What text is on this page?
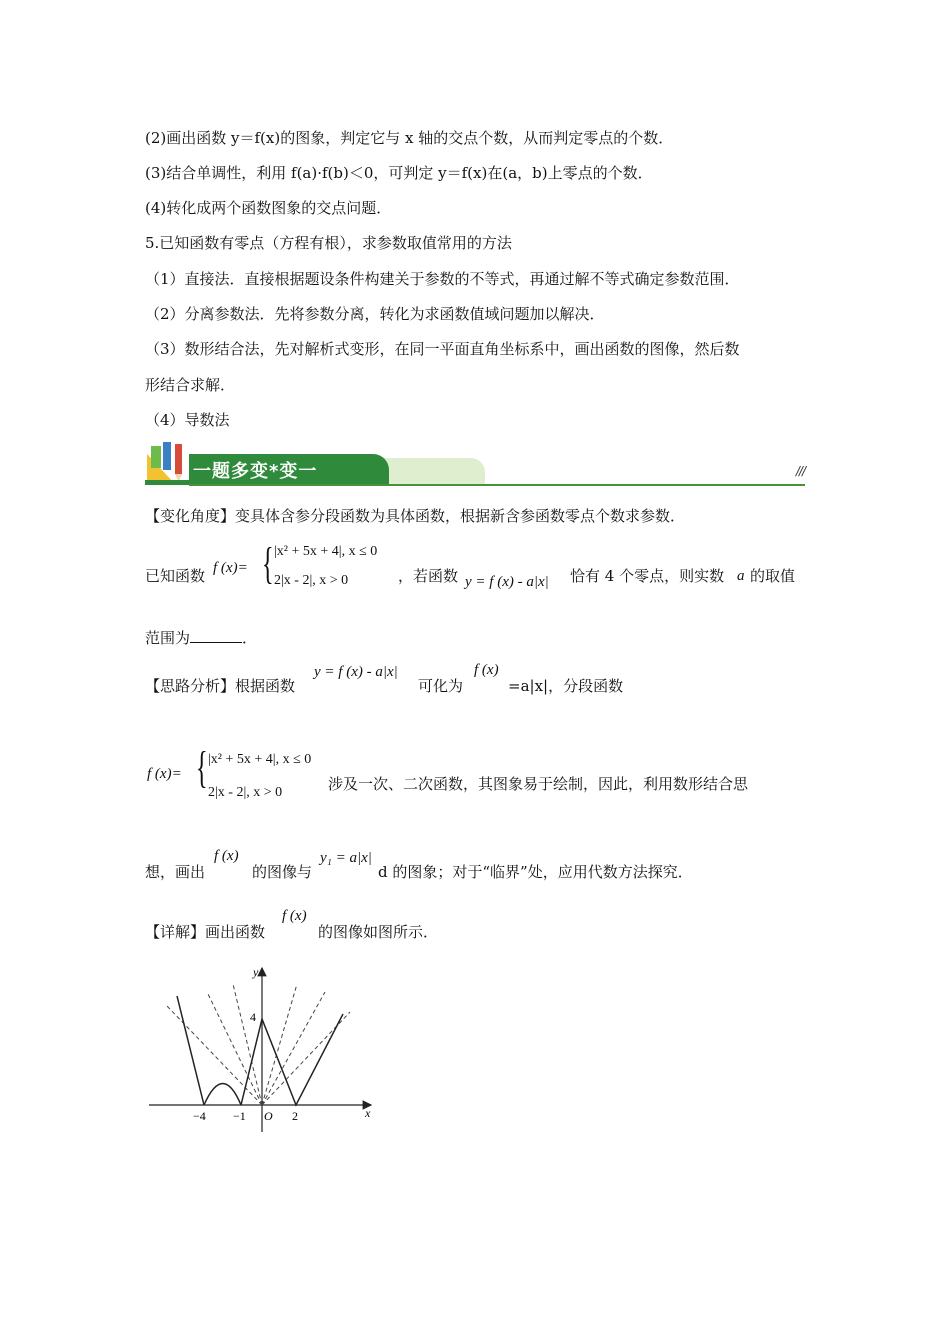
(2)画出函数 y＝f(x)的图象，判定它与 x 轴的交点个数，从而判定零点的个数．
(3)结合单调性，利用 f(a)·f(b)＜0，可判定 y＝f(x)在(a，b)上零点的个数．
(4)转化成两个函数图象的交点问题．
5.已知函数有零点（方程有根），求参数取值常用的方法
（1）直接法．直接根据题设条件构建关于参数的不等式，再通过解不等式确定参数范围．
（2）分离参数法．先将参数分离，转化为求函数值域问题加以解决．
（3）数形结合法，先对解析式变形，在同一平面直角坐标系中，画出函数的图像，然后数
形结合求解．
（4）导数法
一题多变*变一	///
【变化角度】变具体含参分段函数为具体函数，根据新含参函数零点个数求参数．
已知函数 f (x)= { |x² + 5x + 4|, x ≤ 0
2|x - 2|, x > 0	，若函数 y = f (x) - a|x| 恰有 4 个零点，则实数 a 的取值
范围为	．
【思路分析】根据函数
y = f (x) - a|x|
可化为
f (x)
=a|x|，分段函数
f (x)= { |x² + 5x + 4|, x ≤ 0
2|x - 2|, x > 0	涉及一次、二次函数，其图象易于绘制，因此，利用数形结合思
想，画出
f (x)
的图像与
y₁ = a|x|
d 的图象；对于“临界”处，应用代数方法探究．
【详解】画出函数
f (x)
的图像如图所示．
y
x
−4 −1 O 2
4
